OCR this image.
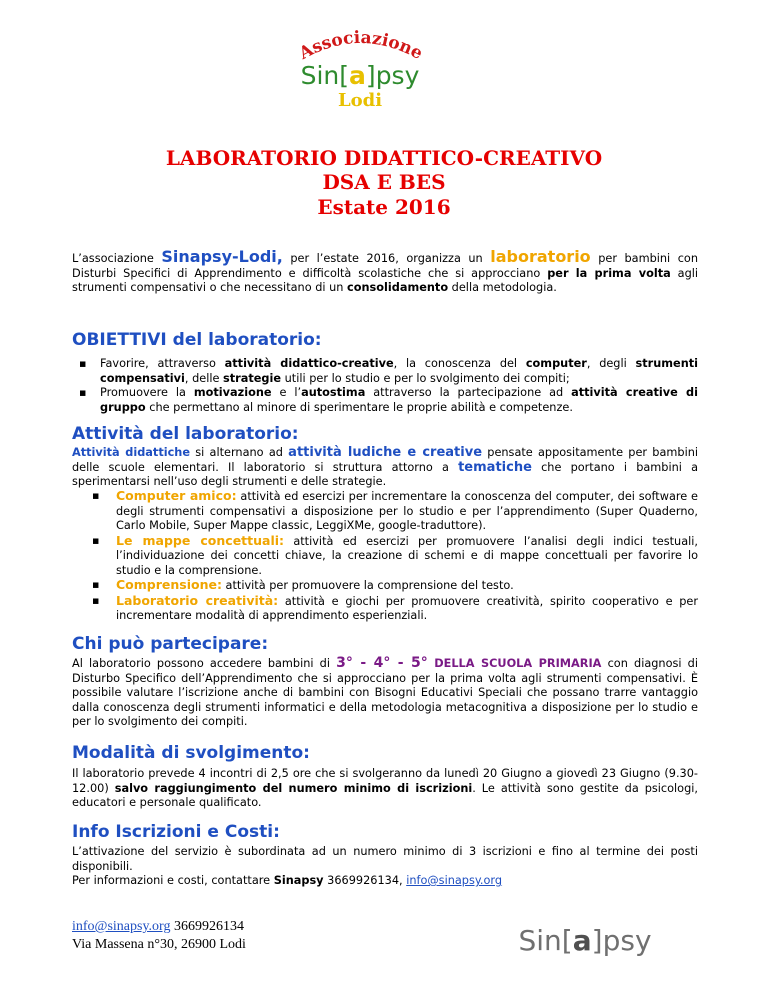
Associazione
Sin[a]psy
Lodi
LABORATORIO DIDATTICO-CREATIVO
DSA E BES
Estate 2016
L’associazione Sinapsy-Lodi, per l’estate 2016, organizza un laboratorio per bambini con Disturbi Specifici di Apprendimento e difficoltà scolastiche che si approcciano per la prima volta agli strumenti compensativi o che necessitano di un consolidamento della metodologia.
OBIETTIVI del laboratorio:
▪ Favorire, attraverso attività didattico-creative, la conoscenza del computer, degli strumenti compensativi, delle strategie utili per lo studio e per lo svolgimento dei compiti;
▪ Promuovere la motivazione e l’autostima attraverso la partecipazione ad attività creative di gruppo che permettano al minore di sperimentare le proprie abilità e competenze.
Attività del laboratorio:
Attività didattiche si alternano ad attività ludiche e creative pensate appositamente per bambini delle scuole elementari. Il laboratorio si struttura attorno a tematiche che portano i bambini a sperimentarsi nell’uso degli strumenti e delle strategie.
▪ Computer amico: attività ed esercizi per incrementare la conoscenza del computer, dei software e degli strumenti compensativi a disposizione per lo studio e per l’apprendimento (Super Quaderno, Carlo Mobile, Super Mappe classic, LeggiXMe, google-traduttore).
▪ Le mappe concettuali: attività ed esercizi per promuovere l’analisi degli indici testuali, l’individuazione dei concetti chiave, la creazione di schemi e di mappe concettuali per favorire lo studio e la comprensione.
▪ Comprensione: attività per promuovere la comprensione del testo.
▪ Laboratorio creatività: attività e giochi per promuovere creatività, spirito cooperativo e per incrementare modalità di apprendimento esperienziali.
Chi può partecipare:
Al laboratorio possono accedere bambini di 3° - 4° - 5° DELLA SCUOLA PRIMARIA con diagnosi di Disturbo Specifico dell’Apprendimento che si approcciano per la prima volta agli strumenti compensativi. È possibile valutare l’iscrizione anche di bambini con Bisogni Educativi Speciali che possano trarre vantaggio dalla conoscenza degli strumenti informatici e della metodologia metacognitiva a disposizione per lo studio e per lo svolgimento dei compiti.
Modalità di svolgimento:
Il laboratorio prevede 4 incontri di 2,5 ore che si svolgeranno da lunedì 20 Giugno a giovedì 23 Giugno (9.30-12.00) salvo raggiungimento del numero minimo di iscrizioni. Le attività sono gestite da psicologi, educatori e personale qualificato.
Info Iscrizioni e Costi:
L’attivazione del servizio è subordinata ad un numero minimo di 3 iscrizioni e fino al termine dei posti disponibili.
Per informazioni e costi, contattare Sinapsy 3669926134, info@sinapsy.org
info@sinapsy.org 3669926134
Via Massena n°30, 26900 Lodi	Sin[a]psy
